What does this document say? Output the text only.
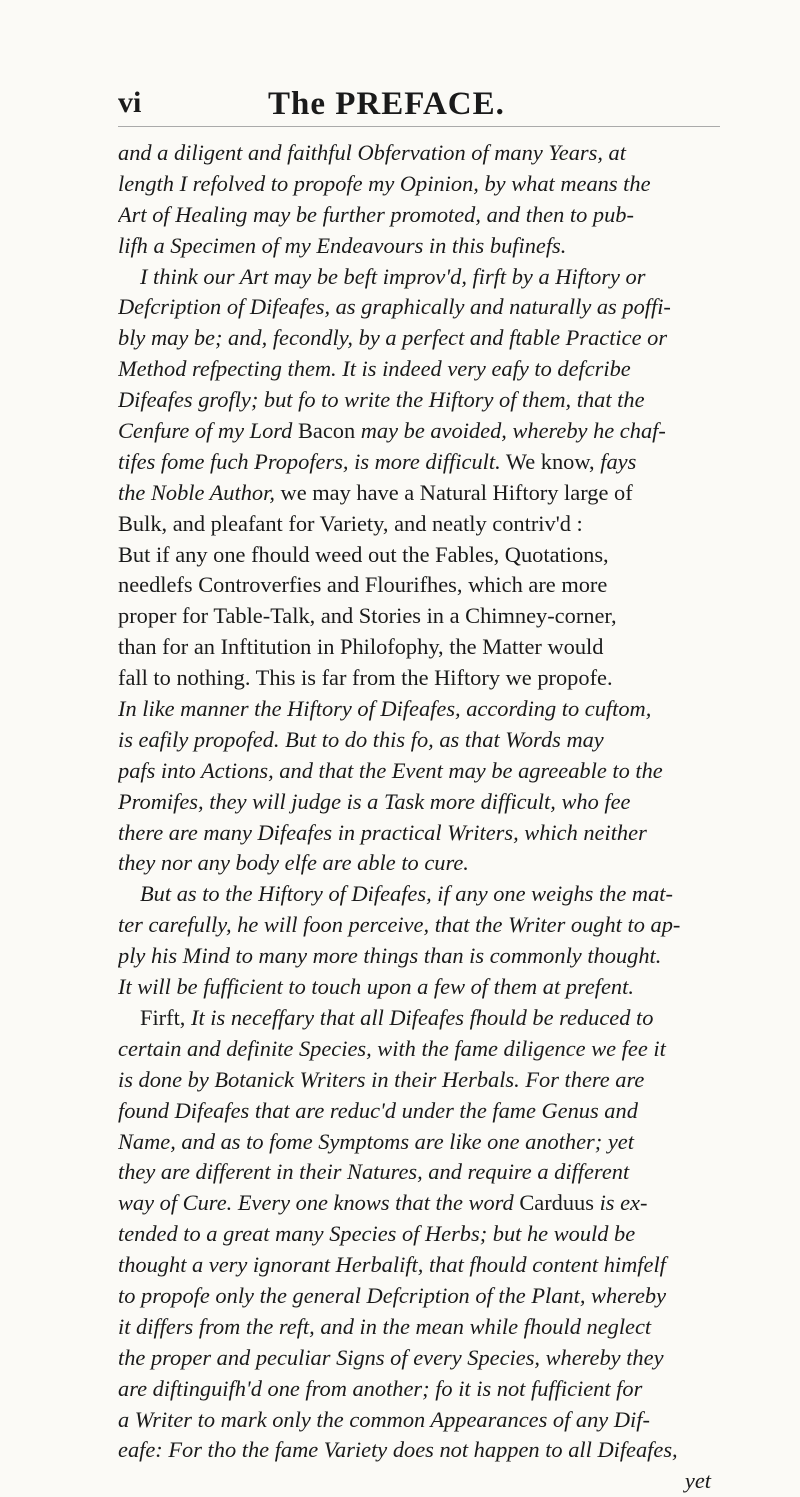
vi	The PREFACE.
and a diligent and faithful Obfervation of many Years, at
length I refolved to propofe my Opinion, by what means the
Art of Healing may be further promoted, and then to pub-
lifh a Specimen of my Endeavours in this bufinefs.
I think our Art may be beft improv'd, firft by a Hiftory or
Defcription of Difeafes, as graphically and naturally as poffi-
bly may be; and, fecondly, by a perfect and ftable Practice or
Method refpecting them. It is indeed very eafy to defcribe
Difeafes grofly; but fo to write the Hiftory of them, that the
Cenfure of my Lord Bacon may be avoided, whereby he chaf-
tifes fome fuch Propofers, is more difficult. We know, fays
the Noble Author, we may have a Natural Hiftory large of
Bulk, and pleafant for Variety, and neatly contriv'd :
But if any one fhould weed out the Fables, Quotations,
needlefs Controverfies and Flourifhes, which are more
proper for Table-Talk, and Stories in a Chimney-corner,
than for an Inftitution in Philofophy, the Matter would
fall to nothing. This is far from the Hiftory we propofe.
In like manner the Hiftory of Difeafes, according to cuftom,
is eafily propofed. But to do this fo, as that Words may
pafs into Actions, and that the Event may be agreeable to the
Promifes, they will judge is a Task more difficult, who fee
there are many Difeafes in practical Writers, which neither
they nor any body elfe are able to cure.
But as to the Hiftory of Difeafes, if any one weighs the mat-
ter carefully, he will foon perceive, that the Writer ought to ap-
ply his Mind to many more things than is commonly thought.
It will be fufficient to touch upon a few of them at prefent.
Firft, It is neceffary that all Difeafes fhould be reduced to
certain and definite Species, with the fame diligence we fee it
is done by Botanick Writers in their Herbals. For there are
found Difeafes that are reduc'd under the fame Genus and
Name, and as to fome Symptoms are like one another; yet
they are different in their Natures, and require a different
way of Cure. Every one knows that the word Carduus is ex-
tended to a great many Species of Herbs; but he would be
thought a very ignorant Herbalift, that fhould content himfelf
to propofe only the general Defcription of the Plant, whereby
it differs from the reft, and in the mean while fhould neglect
the proper and peculiar Signs of every Species, whereby they
are diftinguifh'd one from another; fo it is not fufficient for
a Writer to mark only the common Appearances of any Dif-
eafe: For tho the fame Variety does not happen to all Difeafes,
yet
